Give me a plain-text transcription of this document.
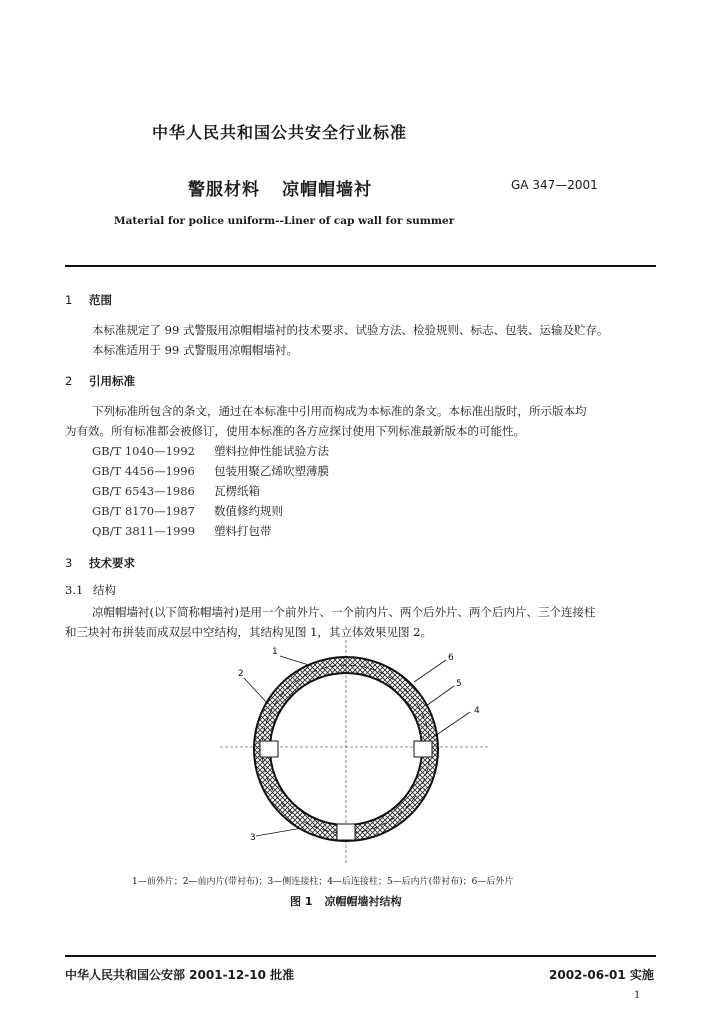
中华人民共和国公共安全行业标准
警服材料 凉帽帽墙衬	GA 347—2001
Material for police uniform--Liner of cap wall for summer
1 范围
本标准规定了 99 式警服用凉帽帽墙衬的技术要求、试验方法、检验规则、标志、包装、运输及贮存。
本标准适用于 99 式警服用凉帽帽墙衬。
2 引用标准
下列标准所包含的条文，通过在本标准中引用而构成为本标准的条文。本标准出版时，所示版本均
为有效。所有标准都会被修订，使用本标准的各方应探讨使用下列标准最新版本的可能性。
GB/T 1040—1992 塑料拉伸性能试验方法
GB/T 4456—1996 包装用聚乙烯吹塑薄膜
GB/T 6543—1986 瓦楞纸箱
GB/T 8170—1987 数值修约规则
QB/T 3811—1999 塑料打包带
3 技术要求
3.1 结构
凉帽帽墙衬(以下简称帽墙衬)是用一个前外片、一个前内片、两个后外片、两个后内片、三个连接柱
和三块衬布拼装而成双层中空结构，其结构见图 1，其立体效果见图 2。
1
2
3
4
5
6
1—前外片；2—前内片(带衬布)；3—侧连接柱；4—后连接柱；5—后内片(带衬布)；6—后外片
图 1 凉帽帽墙衬结构
中华人民共和国公安部 2001-12-10 批准	2002-06-01 实施
1
